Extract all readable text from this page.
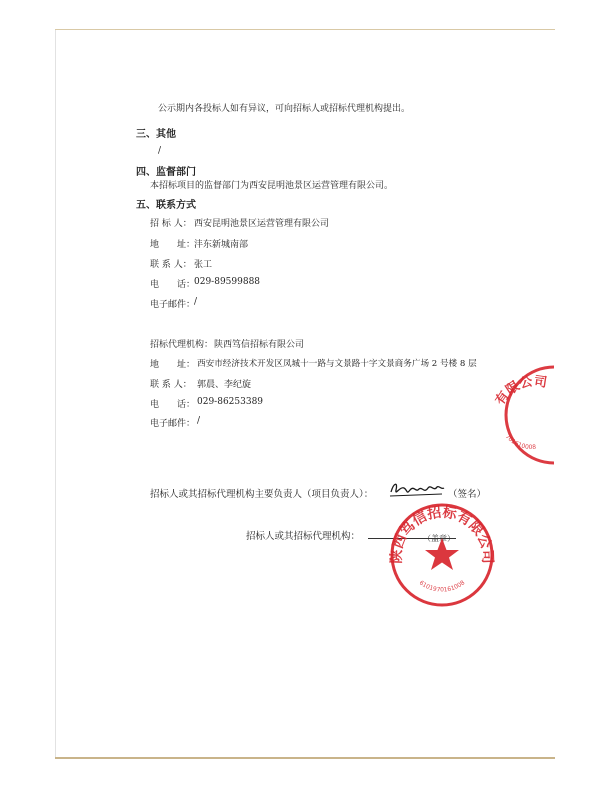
公示期内各投标人如有异议，可向招标人或招标代理机构提出。
三、其他
/
四、监督部门
本招标项目的监督部门为西安昆明池景区运营管理有限公司。
五、联系方式
招 标 人： 西安昆明池景区运营管理有限公司
地　　址：
沣东新城南部
联 系 人： 张工
电　　话：
029-89599888
电子邮件：
/
招标代理机构： 陕西笃信招标有限公司
地　　址： 西安市经济技术开发区凤城十一路与文景路十字文景商务广场 2 号楼 8 层
联 系 人： 郭晨、李纪旋
电　　话： 029-86253389
电子邮件： /
招标人或其招标代理机构主要负责人（项目负责人）：	（签名）
招标人或其招标代理机构：	（盖章）
陕西笃信招标有限公司
6101970161008
有限公司
701610008
